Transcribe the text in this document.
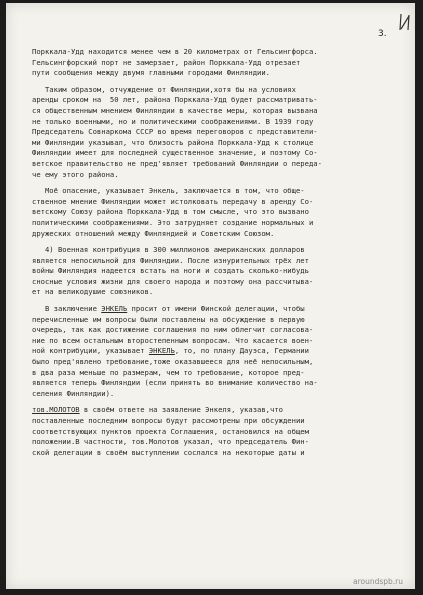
3.
Порккала-Удд находится менее чем в 20 километрах от Гельсингфорса.
Гельсингфорский порт не замерзает, район Порккала-Удд отрезает
пути сообщения между двумя главными городами Финляндии.
Таким образом, отчуждение от Финляндии,хотя бы на условиях
аренды сроком на  50 лет, района Порккала-Удд будет рассматривать-
ся общественным мнением Финляндии в качестве меры, которая вызвана
не только военными, но и политическими соображениями. В 1939 году
Председатель Совнаркома СССР во время переговоров с представители-
ми Финляндии указывал, что близость района Порккала-Удд к столице
Финляндии имеет для последней существенное значение, и поэтому Со-
ветское правительство не пред'являет требований Финляндии о переда-
че ему этого района.
Моё опасение, указывает Энкель, заключается в том, что обще-
ственное мнение Финляндии может истолковать передачу в аренду Со-
ветскому Союзу района Порккала-Удд в том смысле, что это вызвано
политическими соображениями. Это затрудняет создание нормальных и
дружеских отношений между Финляндией и Советским Союзом.
4) Военная контрибуция в 300 миллионов американских долларов
является непосильной для Финляндии. После изнурительных трёх лет
войны Финляндия надеется встать на ноги и создать сколько-нибудь
сносные условия жизни для своего народа и поэтому она рассчитыва-
ет на великодушие союзников.
В заключение ЭНКЕЛЬ просит от имени Финской делегации, чтобы
перечисленные им вопросы были поставлены на обсуждение в первую
очередь, так как достижение соглашения по ним облегчит согласова-
ние по всем остальным второстепенным вопросам. Что касается воен-
ной контрибуции, указывает ЭНКЕЛЬ, то, по плану Дауэса, Германии
было пред'явлено требование,тоже оказавшееся для неё непосильным,
в два раза меньше по размерам, чем то требование, которое пред-
является теперь Финляндии (если принять во внимание количество на-
селения Финляндии).
тов.МОЛОТОВ в своём ответе на заявление Энкеля, указав,что
поставленные последним вопросы будут рассмотрены при обсуждении
соответствующих пунктов проекта Соглашения, остановился на общем
положении.В частности, тов.Молотов указал, что председатель Фин-
ской делегации в своём выступлении сослался на некоторые даты и
aroundspb.ru
